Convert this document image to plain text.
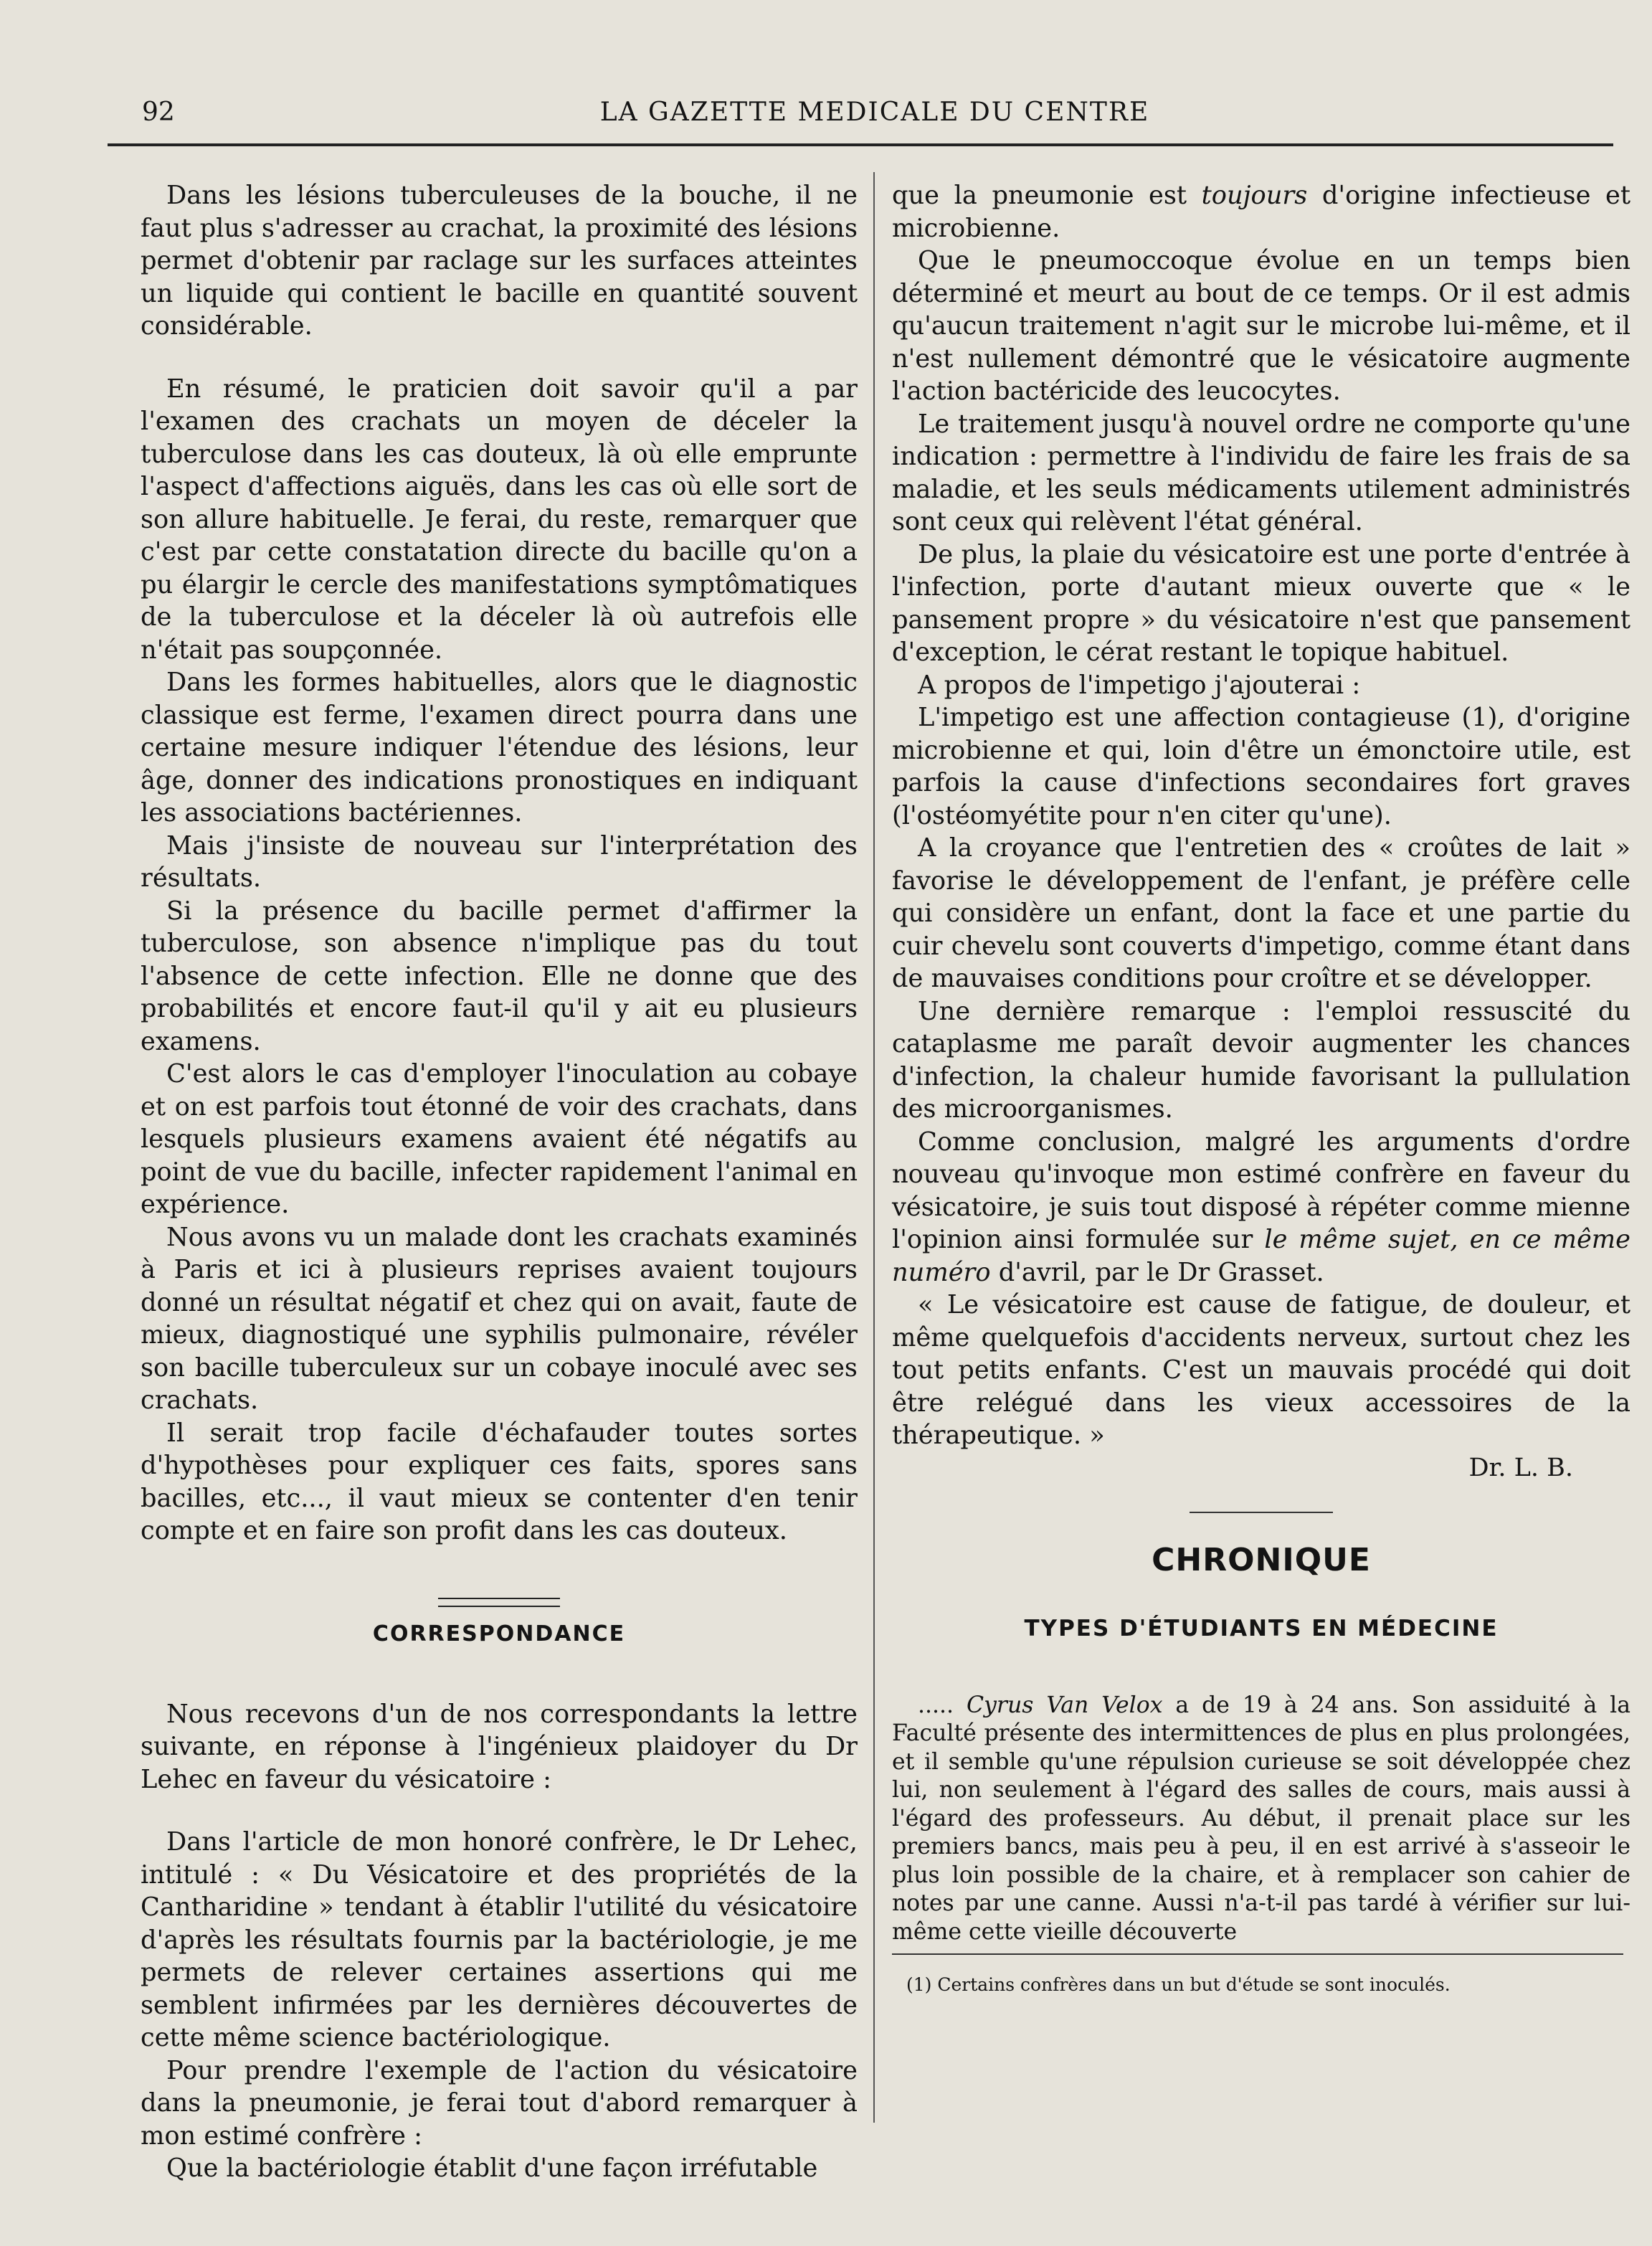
92	LA GAZETTE MEDICALE DU CENTRE

Dans les lésions tuberculeuses de la bouche, il ne faut plus s'adresser au crachat, la proximité des lésions permet d'obtenir par raclage sur les surfaces atteintes un liquide qui contient le bacille en quantité souvent considérable.

En résumé, le praticien doit savoir qu'il a par l'examen des crachats un moyen de déceler la tuberculose dans les cas douteux, là où elle emprunte l'aspect d'affections aiguës, dans les cas où elle sort de son allure habituelle. Je ferai, du reste, remarquer que c'est par cette constatation directe du bacille qu'on a pu élargir le cercle des manifestations symptômatiques de la tuberculose et la déceler là où autrefois elle n'était pas soupçonnée.

Dans les formes habituelles, alors que le diagnostic classique est ferme, l'examen direct pourra dans une certaine mesure indiquer l'étendue des lésions, leur âge, donner des indications pronostiques en indiquant les associations bactériennes.

Mais j'insiste de nouveau sur l'interprétation des résultats.

Si la présence du bacille permet d'affirmer la tuberculose, son absence n'implique pas du tout l'absence de cette infection. Elle ne donne que des probabilités et encore faut-il qu'il y ait eu plusieurs examens.

C'est alors le cas d'employer l'inoculation au cobaye et on est parfois tout étonné de voir des crachats, dans lesquels plusieurs examens avaient été négatifs au point de vue du bacille, infecter rapidement l'animal en expérience.

Nous avons vu un malade dont les crachats examinés à Paris et ici à plusieurs reprises avaient toujours donné un résultat négatif et chez qui on avait, faute de mieux, diagnostiqué une syphilis pulmonaire, révéler son bacille tuberculeux sur un cobaye inoculé avec ses crachats.

Il serait trop facile d'échafauder toutes sortes d'hypothèses pour expliquer ces faits, spores sans bacilles, etc..., il vaut mieux se contenter d'en tenir compte et en faire son profit dans les cas douteux.

CORRESPONDANCE

Nous recevons d'un de nos correspondants la lettre suivante, en réponse à l'ingénieux plaidoyer du Dr Lehec en faveur du vésicatoire :

Dans l'article de mon honoré confrère, le Dr Lehec, intitulé : « Du Vésicatoire et des propriétés de la Cantharidine » tendant à établir l'utilité du vésicatoire d'après les résultats fournis par la bactériologie, je me permets de relever certaines assertions qui me semblent infirmées par les dernières découvertes de cette même science bactériologique.

Pour prendre l'exemple de l'action du vésicatoire dans la pneumonie, je ferai tout d'abord remarquer à mon estimé confrère :

Que la bactériologie établit d'une façon irréfutable

que la pneumonie est toujours d'origine infectieuse et microbienne.

Que le pneumoccoque évolue en un temps bien déterminé et meurt au bout de ce temps. Or il est admis qu'aucun traitement n'agit sur le microbe lui-même, et il n'est nullement démontré que le vésicatoire augmente l'action bactéricide des leucocytes.

Le traitement jusqu'à nouvel ordre ne comporte qu'une indication : permettre à l'individu de faire les frais de sa maladie, et les seuls médicaments utilement administrés sont ceux qui relèvent l'état général.

De plus, la plaie du vésicatoire est une porte d'entrée à l'infection, porte d'autant mieux ouverte que « le pansement propre » du vésicatoire n'est que pansement d'exception, le cérat restant le topique habituel.

A propos de l'impetigo j'ajouterai :

L'impetigo est une affection contagieuse (1), d'origine microbienne et qui, loin d'être un émonctoire utile, est parfois la cause d'infections secondaires fort graves (l'ostéomyétite pour n'en citer qu'une).

A la croyance que l'entretien des « croûtes de lait » favorise le développement de l'enfant, je préfère celle qui considère un enfant, dont la face et une partie du cuir chevelu sont couverts d'impetigo, comme étant dans de mauvaises conditions pour croître et se développer.

Une dernière remarque : l'emploi ressuscité du cataplasme me paraît devoir augmenter les chances d'infection, la chaleur humide favorisant la pullulation des microorganismes.

Comme conclusion, malgré les arguments d'ordre nouveau qu'invoque mon estimé confrère en faveur du vésicatoire, je suis tout disposé à répéter comme mienne l'opinion ainsi formulée sur le même sujet, en ce même numéro d'avril, par le Dr Grasset.

« Le vésicatoire est cause de fatigue, de douleur, et même quelquefois d'accidents nerveux, surtout chez les tout petits enfants. C'est un mauvais procédé qui doit être relégué dans les vieux accessoires de la thérapeutique. »

Dr. L. B.
CHRONIQUE
TYPES D'ÉTUDIANTS EN MÉDECINE

..... Cyrus Van Velox a de 19 à 24 ans. Son assiduité à la Faculté présente des intermittences de plus en plus prolongées, et il semble qu'une répulsion curieuse se soit développée chez lui, non seulement à l'égard des salles de cours, mais aussi à l'égard des professeurs. Au début, il prenait place sur les premiers bancs, mais peu à peu, il en est arrivé à s'asseoir le plus loin possible de la chaire, et à remplacer son cahier de notes par une canne. Aussi n'a-t-il pas tardé à vérifier sur lui-même cette vieille découverte

(1) Certains confrères dans un but d'étude se sont inoculés.
